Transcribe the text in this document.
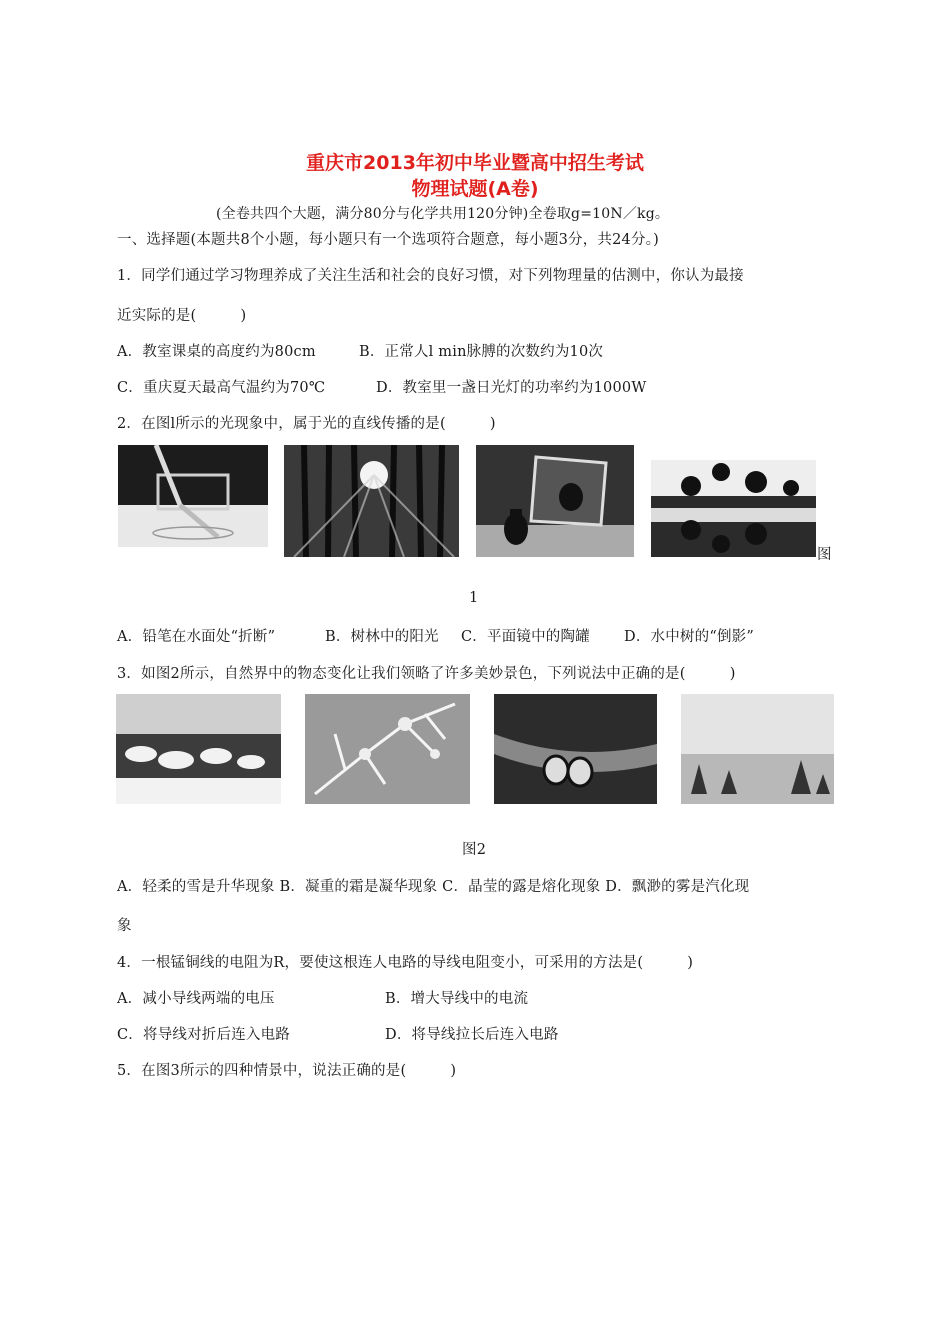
重庆市2013年初中毕业暨高中招生考试
物理试题(A卷)
(全卷共四个大题，满分80分与化学共用120分钟)全卷取g=10N／kg。
一、选择题(本题共8个小题，每小题只有一个选项符合题意，每小题3分，共24分。)
1．同学们通过学习物理养成了关注生活和社会的良好习惯，对下列物理量的估测中，你认为最接
近实际的是(　　　)
A．教室课桌的高度约为80cm	B．正常人l min脉膊的次数约为10次
C．重庆夏天最高气温约为70℃	D．教室里一盏日光灯的功率约为1000W
2．在图l所示的光现象中，属于光的直线传播的是(　　　)
图
1
A．铅笔在水面处“折断”	B．树林中的阳光 C．平面镜中的陶罐 D．水中树的“倒影”
3．如图2所示，自然界中的物态变化让我们领略了许多美妙景色，下列说法中正确的是(　　　)
图2
A．轻柔的雪是升华现象 B．凝重的霜是凝华现象 C．晶莹的露是熔化现象 D．飘渺的雾是汽化现
象
4．一根锰铜线的电阻为R，要使这根连人电路的导线电阻变小，可采用的方法是(　　　)
A．减小导线两端的电压	B．增大导线中的电流
C．将导线对折后连入电路	D．将导线拉长后连入电路
5．在图3所示的四种情景中，说法正确的是(　　　)
